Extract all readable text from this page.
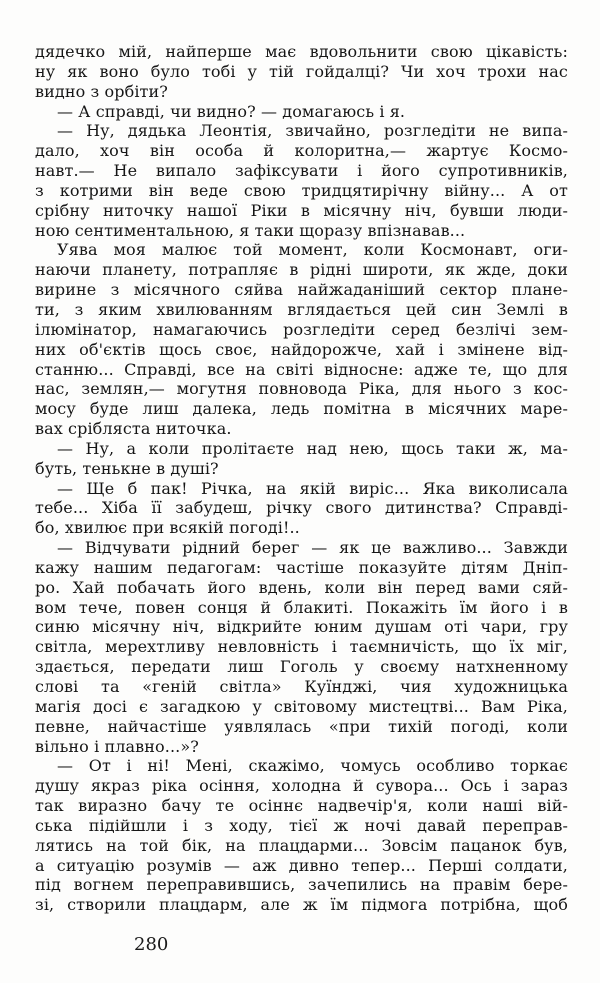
дядечко мій, найперше має вдовольнити свою цікавість:
ну як воно було тобі у тій гойдалці? Чи хоч трохи нас
видно з орбіти?
— А справді, чи видно? — домагаюсь і я.
— Ну, дядька Леонтія, звичайно, розгледіти не випа-
дало, хоч він особа й колоритна,— жартує Космо-
навт.— Не випало зафіксувати і його супротивників,
з котрими він веде свою тридцятирічну війну... А от
срібну ниточку нашої Ріки в місячну ніч, бувши люди-
ною сентиментальною, я таки щоразу впізнавав...
Уява моя малює той момент, коли Космонавт, оги-
наючи планету, потрапляє в рідні широти, як жде, доки
вирине з місячного сяйва найжаданіший сектор плане-
ти, з яким хвилюванням вглядається цей син Землі в
ілюмінатор, намагаючись розгледіти серед безлічі зем-
них об'єктів щось своє, найдорожче, хай і змінене від-
станню... Справді, все на світі відносне: адже те, що для
нас, землян,— могутня повновода Ріка, для нього з кос-
мосу буде лиш далека, ледь помітна в місячних маре-
вах срібляста ниточка.
— Ну, а коли пролітаєте над нею, щось таки ж, ма-
буть, тенькне в душі?
— Ще б пак! Річка, на якій виріс... Яка виколисала
тебе... Хіба її забудеш, річку свого дитинства? Справді-
бо, хвилює при всякій погоді!..
— Відчувати рідний берег — як це важливо... Завжди
кажу нашим педагогам: частіше показуйте дітям Дніп-
ро. Хай побачать його вдень, коли він перед вами сяй-
вом тече, повен сонця й блакиті. Покажіть їм його і в
синю місячну ніч, відкрийте юним душам оті чари, гру
світла, мерехтливу невловність і таємничість, що їх міг,
здається, передати лиш Гоголь у своєму натхненному
слові та «геній світла» Куїнджі, чия художницька
магія досі є загадкою у світовому мистецтві... Вам Ріка,
певне, найчастіше уявлялась «при тихій погоді, коли
вільно і плавно...»?
— От і ні! Мені, скажімо, чомусь особливо торкає
душу якраз ріка осіння, холодна й сувора... Ось і зараз
так виразно бачу те осіннє надвечір'я, коли наші вій-
ська підійшли і з ходу, тієї ж ночі давай переправ-
лятись на той бік, на плацдарми... Зовсім пацанок був,
а ситуацію розумів — аж дивно тепер... Перші солдати,
під вогнем переправившись, зачепились на правім бере-
зі, створили плацдарм, але ж їм підмога потрібна, щоб
280
